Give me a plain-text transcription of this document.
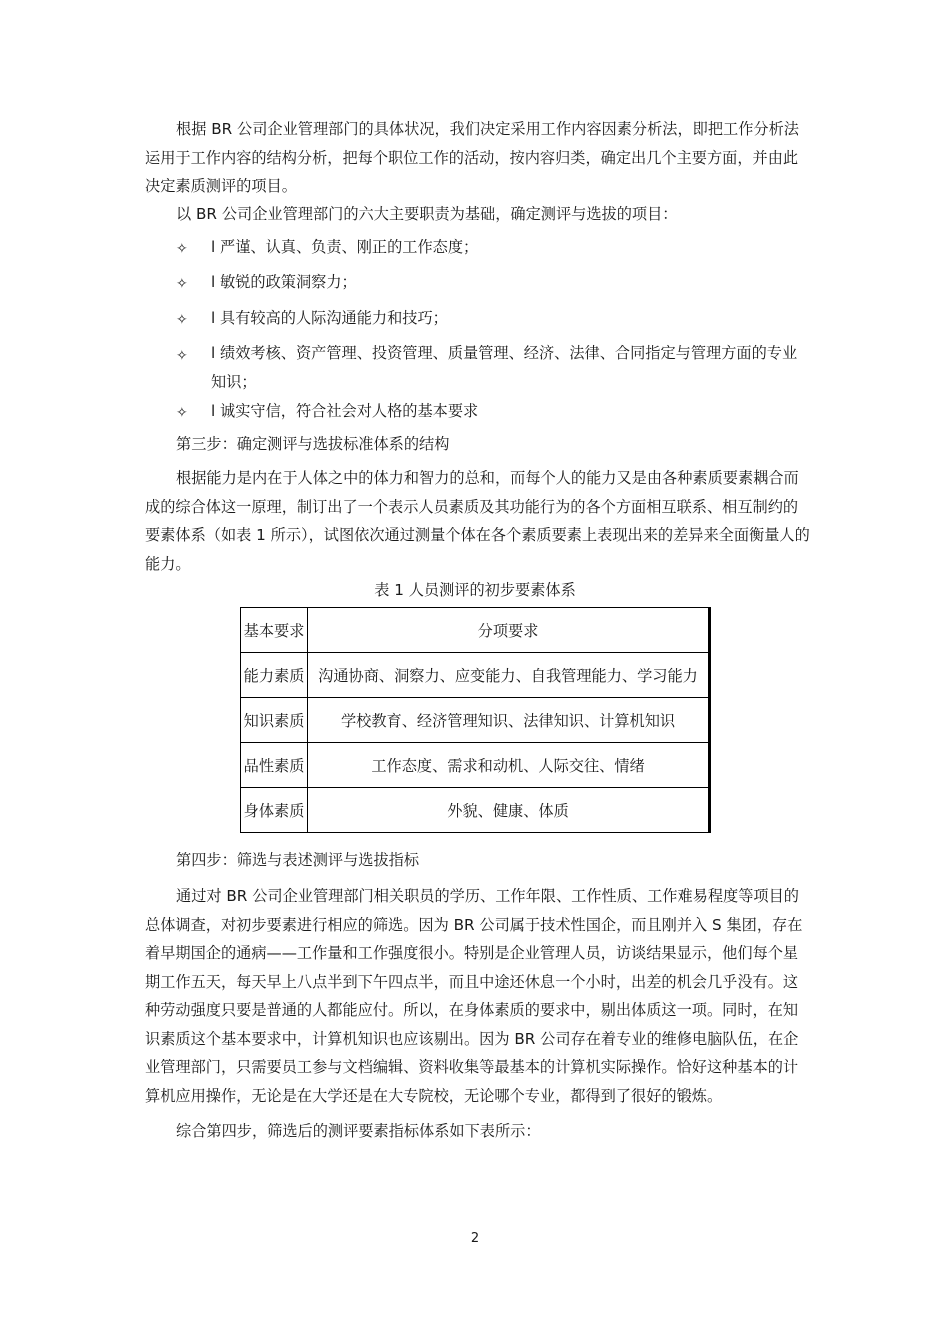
根据 BR 公司企业管理部门的具体状况，我们决定采用工作内容因素分析法，即把工作分析法运用于工作内容的结构分析，把每个职位工作的活动，按内容归类，确定出几个主要方面，并由此决定素质测评的项目。

以 BR 公司企业管理部门的六大主要职责为基础，确定测评与选拔的项目：

✧ l 严谨、认真、负责、刚正的工作态度；

✧ l 敏锐的政策洞察力；

✧ l 具有较高的人际沟通能力和技巧；

✧ l 绩效考核、资产管理、投资管理、质量管理、经济、法律、合同指定与管理方面的专业知识；

✧ l 诚实守信，符合社会对人格的基本要求

第三步：确定测评与选拔标准体系的结构

根据能力是内在于人体之中的体力和智力的总和，而每个人的能力又是由各种素质要素耦合而成的综合体这一原理，制订出了一个表示人员素质及其功能行为的各个方面相互联系、相互制约的要素体系（如表 1 所示），试图依次通过测量个体在各个素质要素上表现出来的差异来全面衡量人的能力。

表 1 人员测评的初步要素体系
基本要求	分项要求
能力素质	沟通协商、洞察力、应变能力、自我管理能力、学习能力
知识素质	学校教育、经济管理知识、法律知识、计算机知识
品性素质	工作态度、需求和动机、人际交往、情绪
身体素质	外貌、健康、体质

第四步：筛选与表述测评与选拔指标

通过对 BR 公司企业管理部门相关职员的学历、工作年限、工作性质、工作难易程度等项目的总体调查，对初步要素进行相应的筛选。因为 BR 公司属于技术性国企，而且刚并入 S 集团，存在着早期国企的通病——工作量和工作强度很小。特别是企业管理人员，访谈结果显示，他们每个星期工作五天，每天早上八点半到下午四点半，而且中途还休息一个小时，出差的机会几乎没有。这种劳动强度只要是普通的人都能应付。所以，在身体素质的要求中，剔出体质这一项。同时，在知识素质这个基本要求中，计算机知识也应该剔出。因为 BR 公司存在着专业的维修电脑队伍，在企业管理部门，只需要员工参与文档编辑、资料收集等最基本的计算机实际操作。恰好这种基本的计算机应用操作，无论是在大学还是在大专院校，无论哪个专业，都得到了很好的锻炼。

综合第四步，筛选后的测评要素指标体系如下表所示：

2
